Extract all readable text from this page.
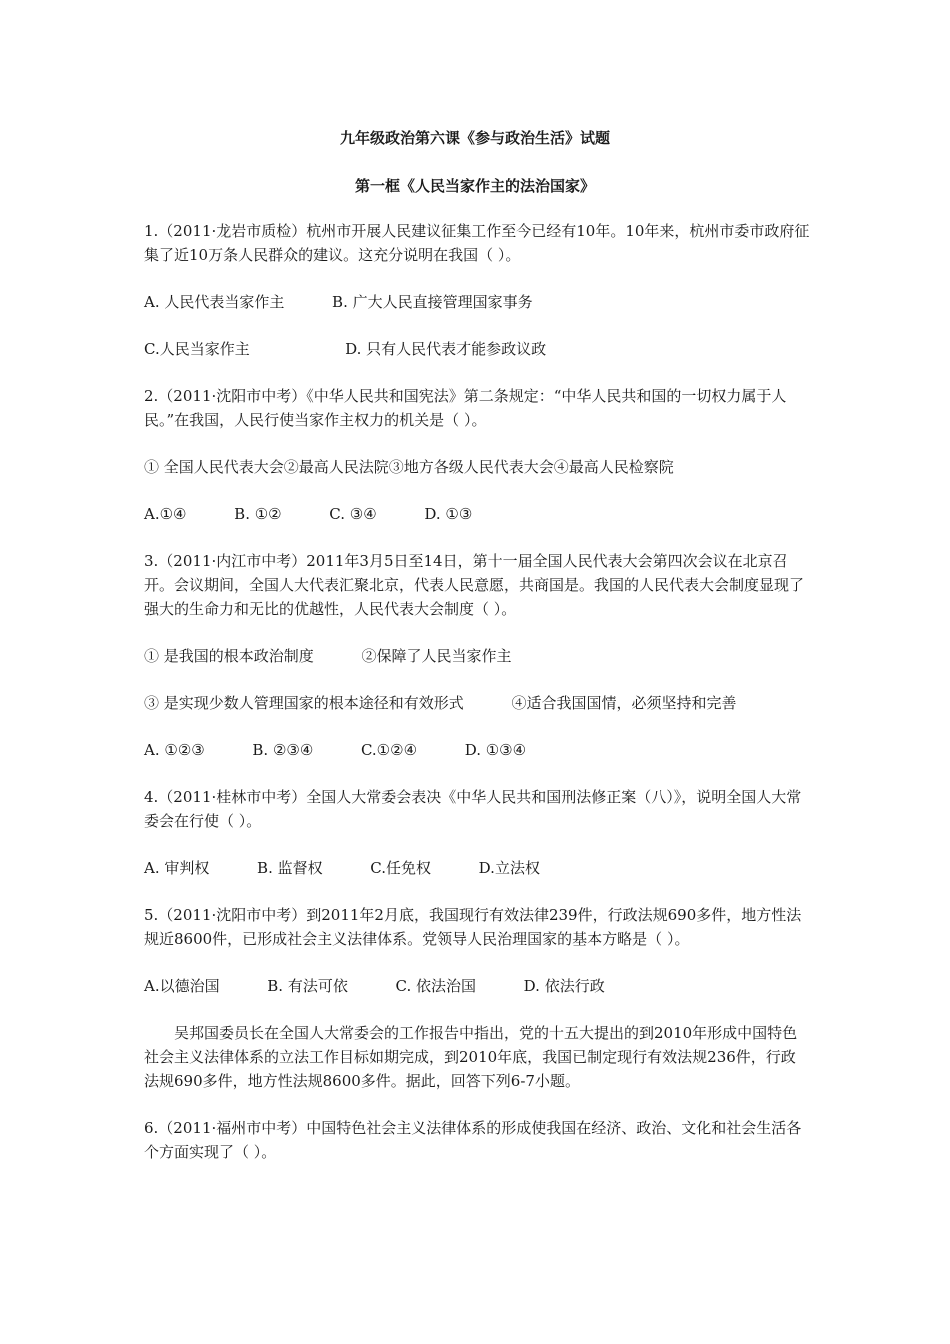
九年级政治第六课《参与政治生活》试题
第一框《人民当家作主的法治国家》

1.（2011·龙岩市质检）杭州市开展人民建议征集工作至今已经有10年。10年来，杭州市委市政府征集了近10万条人民群众的建议。这充分说明在我国（ ）。

A. 人民代表当家作主          B. 广大人民直接管理国家事务

C.人民当家作主                    D. 只有人民代表才能参政议政

2.（2011·沈阳市中考）《中华人民共和国宪法》第二条规定：“中华人民共和国的一切权力属于人民。”在我国，人民行使当家作主权力的机关是（ ）。

① 全国人民代表大会②最高人民法院③地方各级人民代表大会④最高人民检察院

A.①④          B. ①②          C. ③④          D. ①③

3.（2011·内江市中考）2011年3月5日至14日，第十一届全国人民代表大会第四次会议在北京召开。会议期间，全国人大代表汇聚北京，代表人民意愿，共商国是。我国的人民代表大会制度显现了强大的生命力和无比的优越性，人民代表大会制度（ ）。

① 是我国的根本政治制度          ②保障了人民当家作主

③ 是实现少数人管理国家的根本途径和有效形式          ④适合我国国情，必须坚持和完善

A. ①②③          B. ②③④          C.①②④          D. ①③④

4.（2011·桂林市中考）全国人大常委会表决《中华人民共和国刑法修正案（八）》，说明全国人大常委会在行使（ ）。

A. 审判权          B. 监督权          C.任免权          D.立法权

5.（2011·沈阳市中考）到2011年2月底，我国现行有效法律239件，行政法规690多件，地方性法规近8600件，已形成社会主义法律体系。党领导人民治理国家的基本方略是（ ）。

A.以德治国          B. 有法可依          C. 依法治国          D. 依法行政

吴邦国委员长在全国人大常委会的工作报告中指出，党的十五大提出的到2010年形成中国特色社会主义法律体系的立法工作目标如期完成，到2010年底，我国已制定现行有效法规236件，行政法规690多件，地方性法规8600多件。据此，回答下列6-7小题。

6.（2011·福州市中考）中国特色社会主义法律体系的形成使我国在经济、政治、文化和社会生活各个方面实现了（ ）。
